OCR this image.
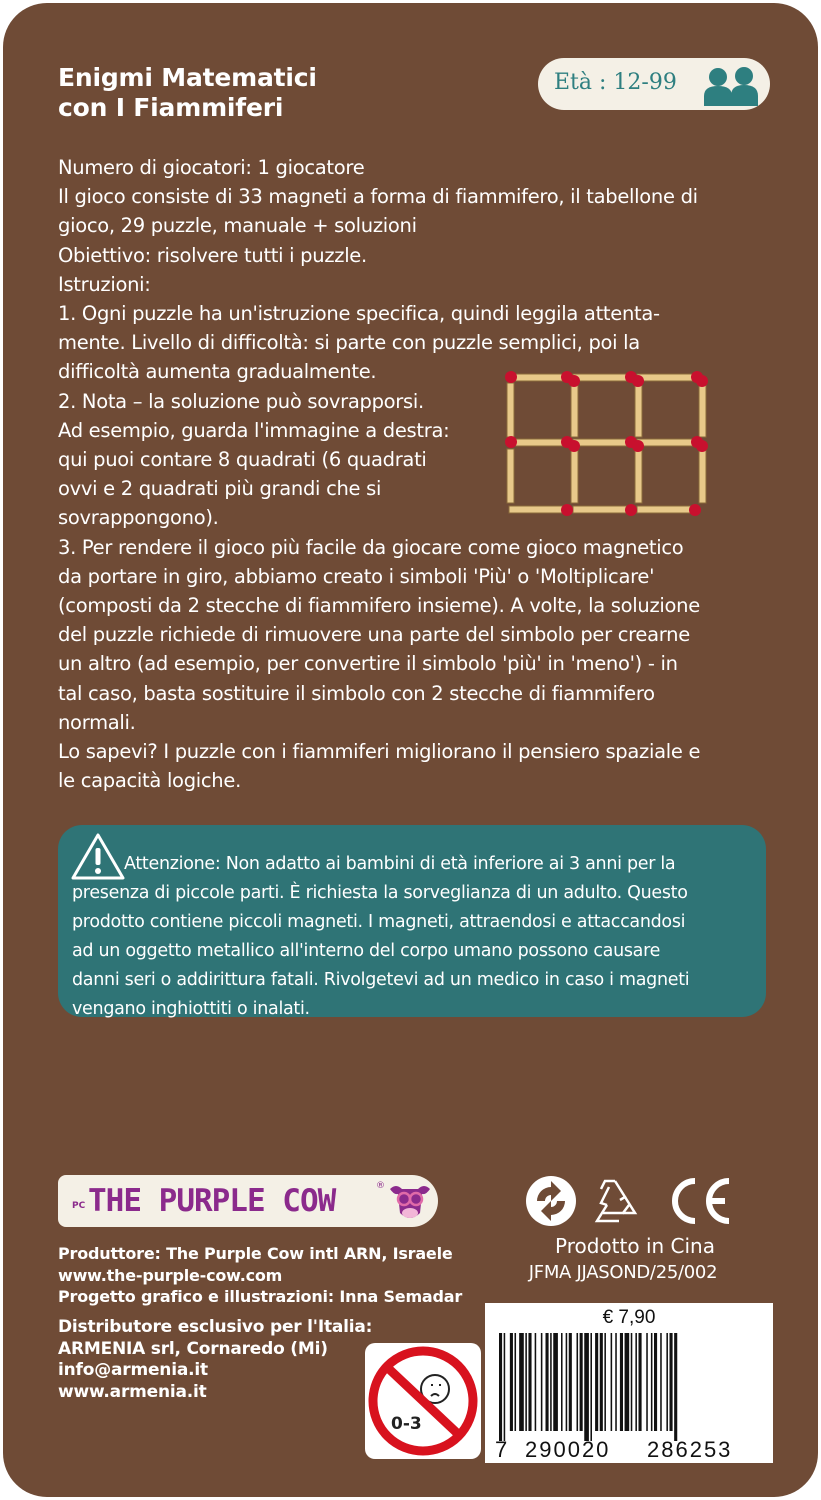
Enigmi Matematici
con I Fiammiferi
Età : 12-99

Numero di giocatori: 1 giocatore

Il gioco consiste di 33 magneti a forma di fiammifero, il tabellone di

gioco, 29 puzzle, manuale + soluzioni

Obiettivo: risolvere tutti i puzzle.

Istruzioni:

1. Ogni puzzle ha un'istruzione specifica, quindi leggila attenta-

mente. Livello di difficoltà: si parte con puzzle semplici, poi la

difficoltà aumenta gradualmente.

2. Nota – la soluzione può sovrapporsi.

Ad esempio, guarda l'immagine a destra:

qui puoi contare 8 quadrati (6 quadrati

ovvi e 2 quadrati più grandi che si

sovrappongono).

3. Per rendere il gioco più facile da giocare come gioco magnetico

da portare in giro, abbiamo creato i simboli 'Più' o 'Moltiplicare'

(composti da 2 stecche di fiammifero insieme). A volte, la soluzione

del puzzle richiede di rimuovere una parte del simbolo per crearne

un altro (ad esempio, per convertire il simbolo 'più' in 'meno') - in

tal caso, basta sostituire il simbolo con 2 stecche di fiammifero

normali.

Lo sapevi? I puzzle con i fiammiferi migliorano il pensiero spaziale e

le capacità logiche.

Attenzione: Non adatto ai bambini di età inferiore ai 3 anni per la

presenza di piccole parti. È richiesta la sorveglianza di un adulto. Questo

prodotto contiene piccoli magneti. I magneti, attraendosi e attaccandosi

ad un oggetto metallico all'interno del corpo umano possono causare

danni seri o addirittura fatali. Rivolgetevi ad un medico in caso i magneti

vengano inghiottiti o inalati.

PC THE PURPLE COW	®

Produttore: The Purple Cow intl ARN, Israele

www.the-purple-cow.com

Progetto grafico e illustrazioni: Inna Semadar

Distributore esclusivo per l'Italia:

ARMENIA srl, Cornaredo (Mi)

info@armenia.it

www.armenia.it

Prodotto in Cina
JFMA JJASOND/25/002
0-3
€ 7,90
7 290020 286253
